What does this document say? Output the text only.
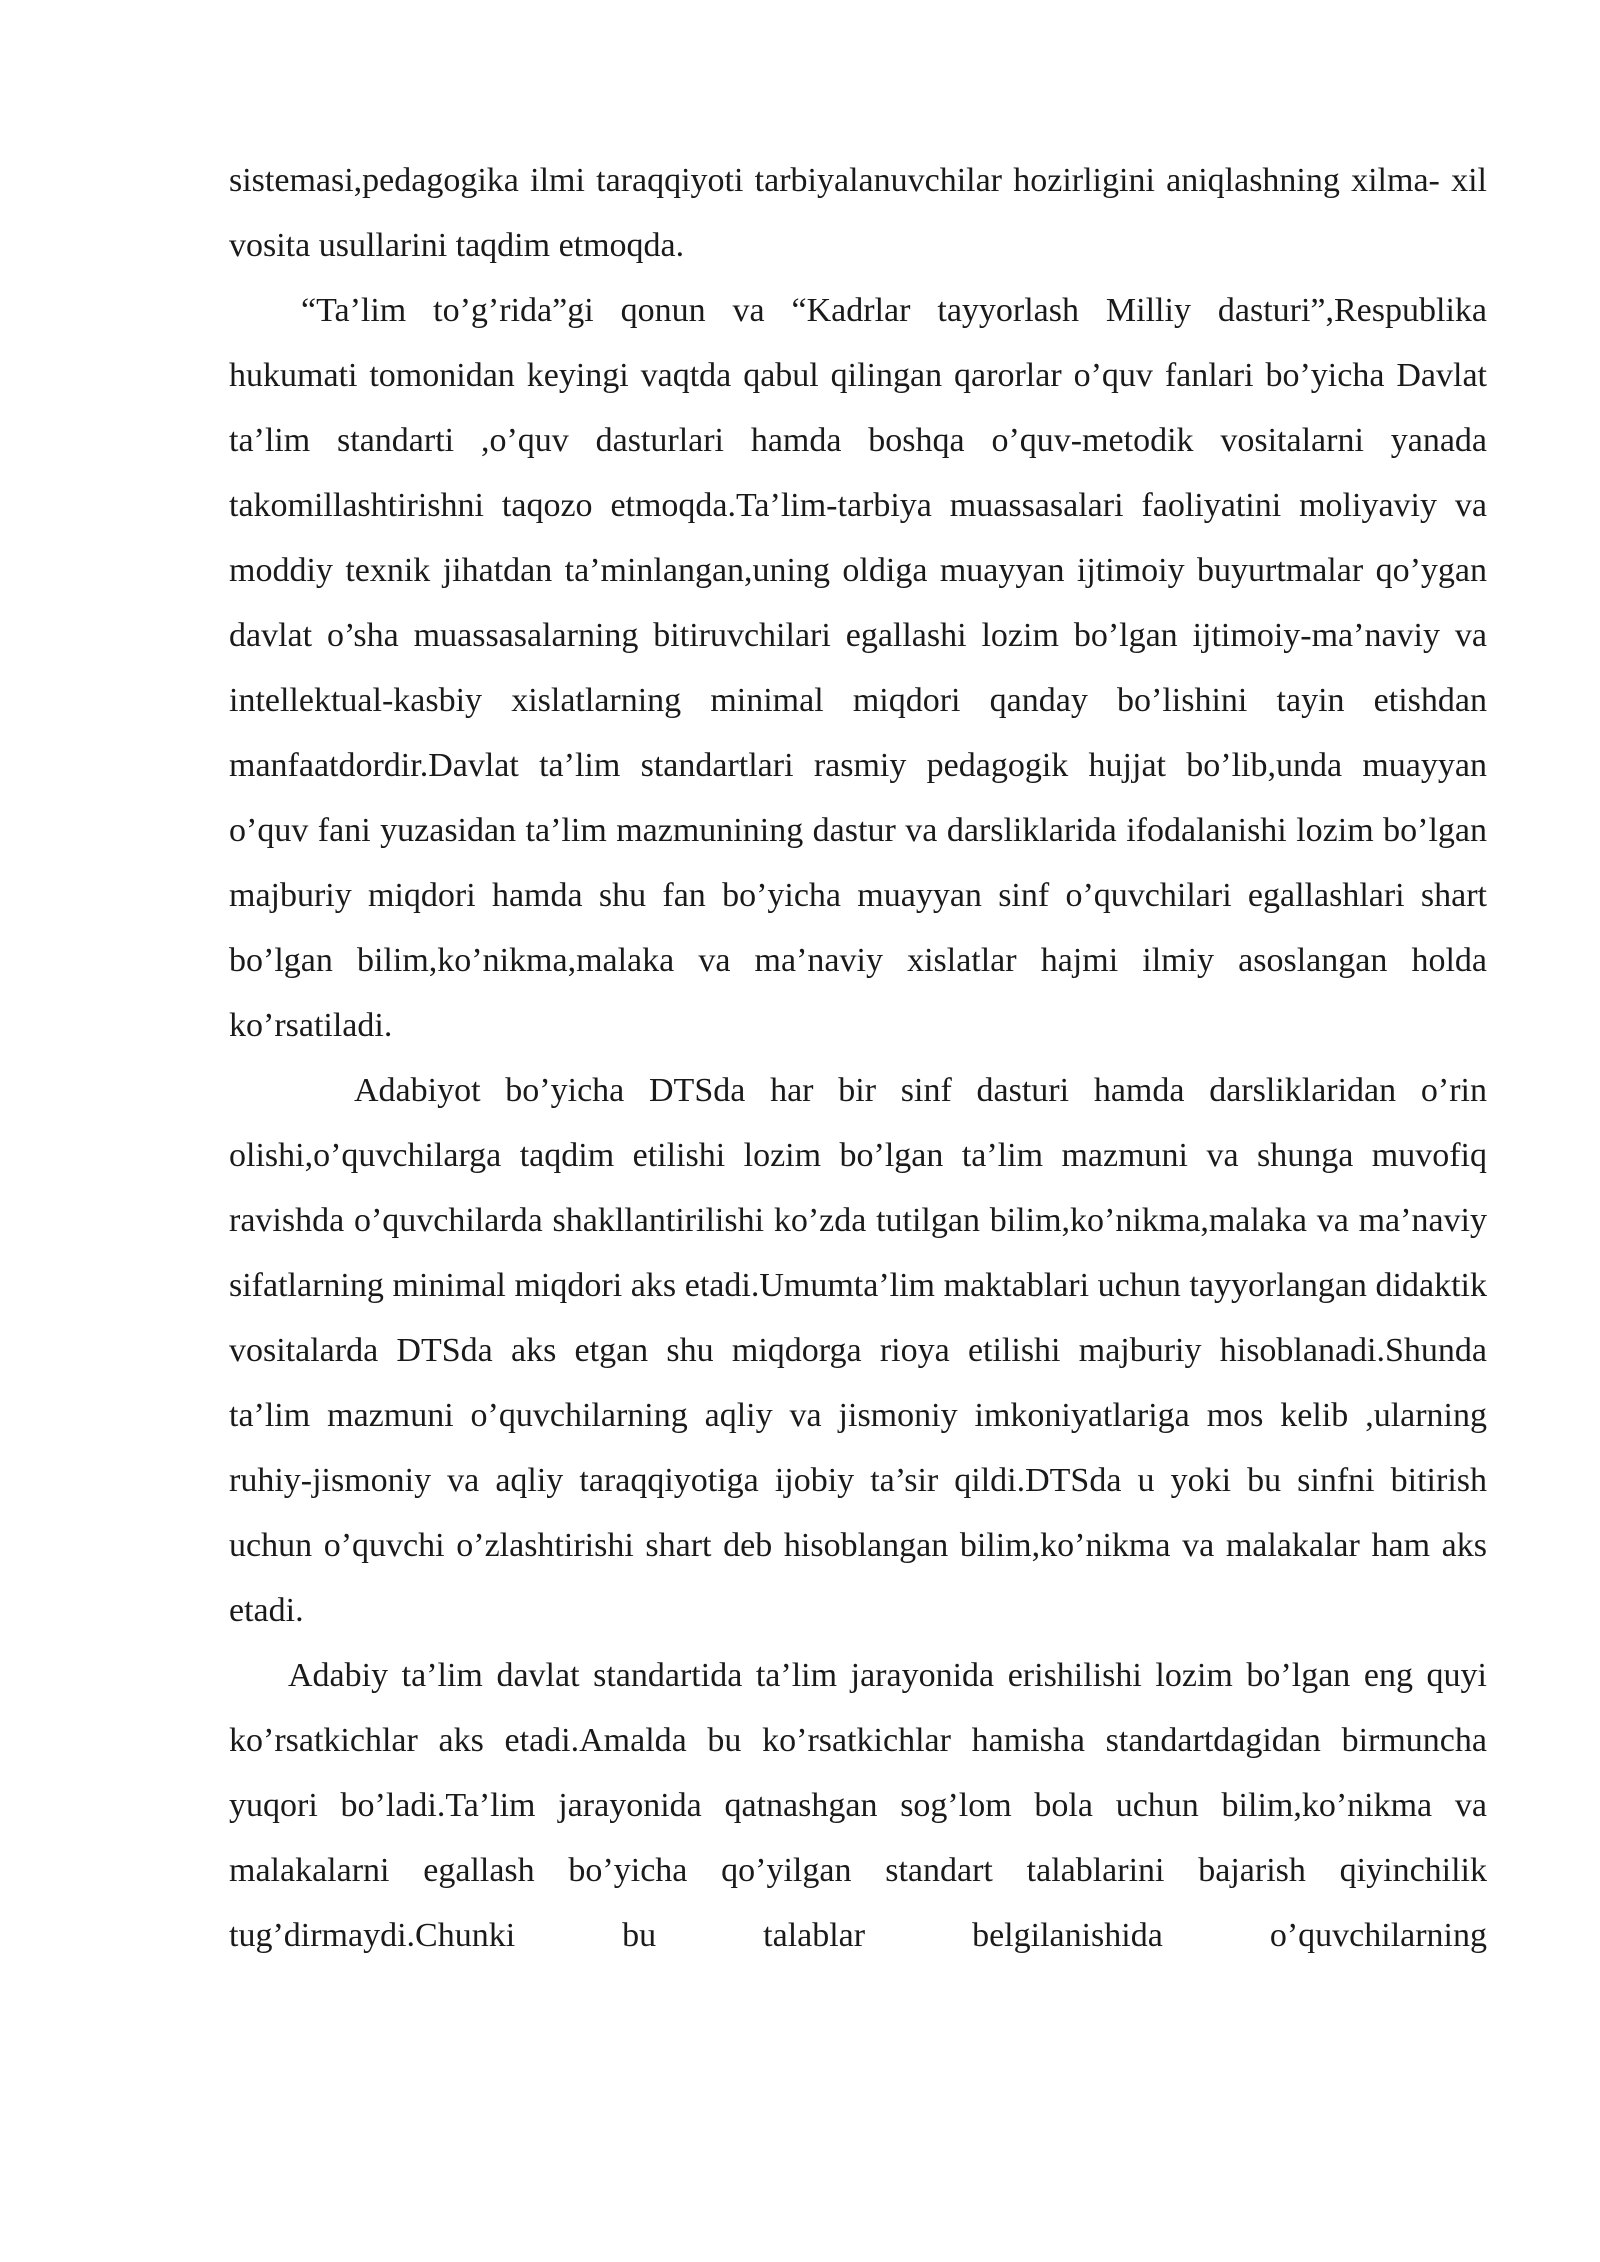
sistemasi,pedagogika ilmi taraqqiyoti tarbiyalanuvchilar hozirligini aniqlashning xilma- xil vosita usullarini taqdim etmoqda.

“Ta’lim to’g’rida”gi qonun va “Kadrlar tayyorlash Milliy dasturi”,Respublika hukumati tomonidan keyingi vaqtda qabul qilingan qarorlar o’quv fanlari bo’yicha Davlat ta’lim standarti ,o’quv dasturlari hamda boshqa o’quv-metodik vositalarni yanada takomillashtirishni taqozo etmoqda.Ta’lim-tarbiya muassasalari faoliyatini moliyaviy va moddiy texnik jihatdan ta’minlangan,uning oldiga muayyan ijtimoiy buyurtmalar qo’ygan davlat o’sha muassasalarning bitiruvchilari egallashi lozim bo’lgan ijtimoiy-ma’naviy va intellektual-kasbiy xislatlarning minimal miqdori qanday bo’lishini tayin etishdan manfaatdordir.Davlat ta’lim standartlari rasmiy pedagogik hujjat bo’lib,unda muayyan o’quv fani yuzasidan ta’lim mazmunining dastur va darsliklarida ifodalanishi lozim bo’lgan majburiy miqdori hamda shu fan bo’yicha muayyan sinf o’quvchilari egallashlari shart bo’lgan bilim,ko’nikma,malaka va ma’naviy xislatlar hajmi ilmiy asoslangan holda ko’rsatiladi.

Adabiyot bo’yicha DTSda har bir sinf dasturi hamda darsliklaridan o’rin olishi,o’quvchilarga taqdim etilishi lozim bo’lgan ta’lim mazmuni va shunga muvofiq ravishda o’quvchilarda shakllantirilishi ko’zda tutilgan bilim,ko’nikma,malaka va ma’naviy sifatlarning minimal miqdori aks etadi.Umumta’lim maktablari uchun tayyorlangan didaktik vositalarda DTSda aks etgan shu miqdorga rioya etilishi majburiy hisoblanadi.Shunda ta’lim mazmuni o’quvchilarning aqliy va jismoniy imkoniyatlariga mos kelib ,ularning ruhiy-jismoniy va aqliy taraqqiyotiga ijobiy ta’sir qildi.DTSda u yoki bu sinfni bitirish uchun o’quvchi o’zlashtirishi shart deb hisoblangan bilim,ko’nikma va malakalar ham aks etadi.

Adabiy ta’lim davlat standartida ta’lim jarayonida erishilishi lozim bo’lgan eng quyi ko’rsatkichlar aks etadi.Amalda bu ko’rsatkichlar hamisha standartdagidan birmuncha yuqori bo’ladi.Ta’lim jarayonida qatnashgan sog’lom bola uchun bilim,ko’nikma va malakalarni egallash bo’yicha qo’yilgan standart talablarini bajarish qiyinchilik tug’dirmaydi.Chunki bu talablar belgilanishida o’quvchilarning
